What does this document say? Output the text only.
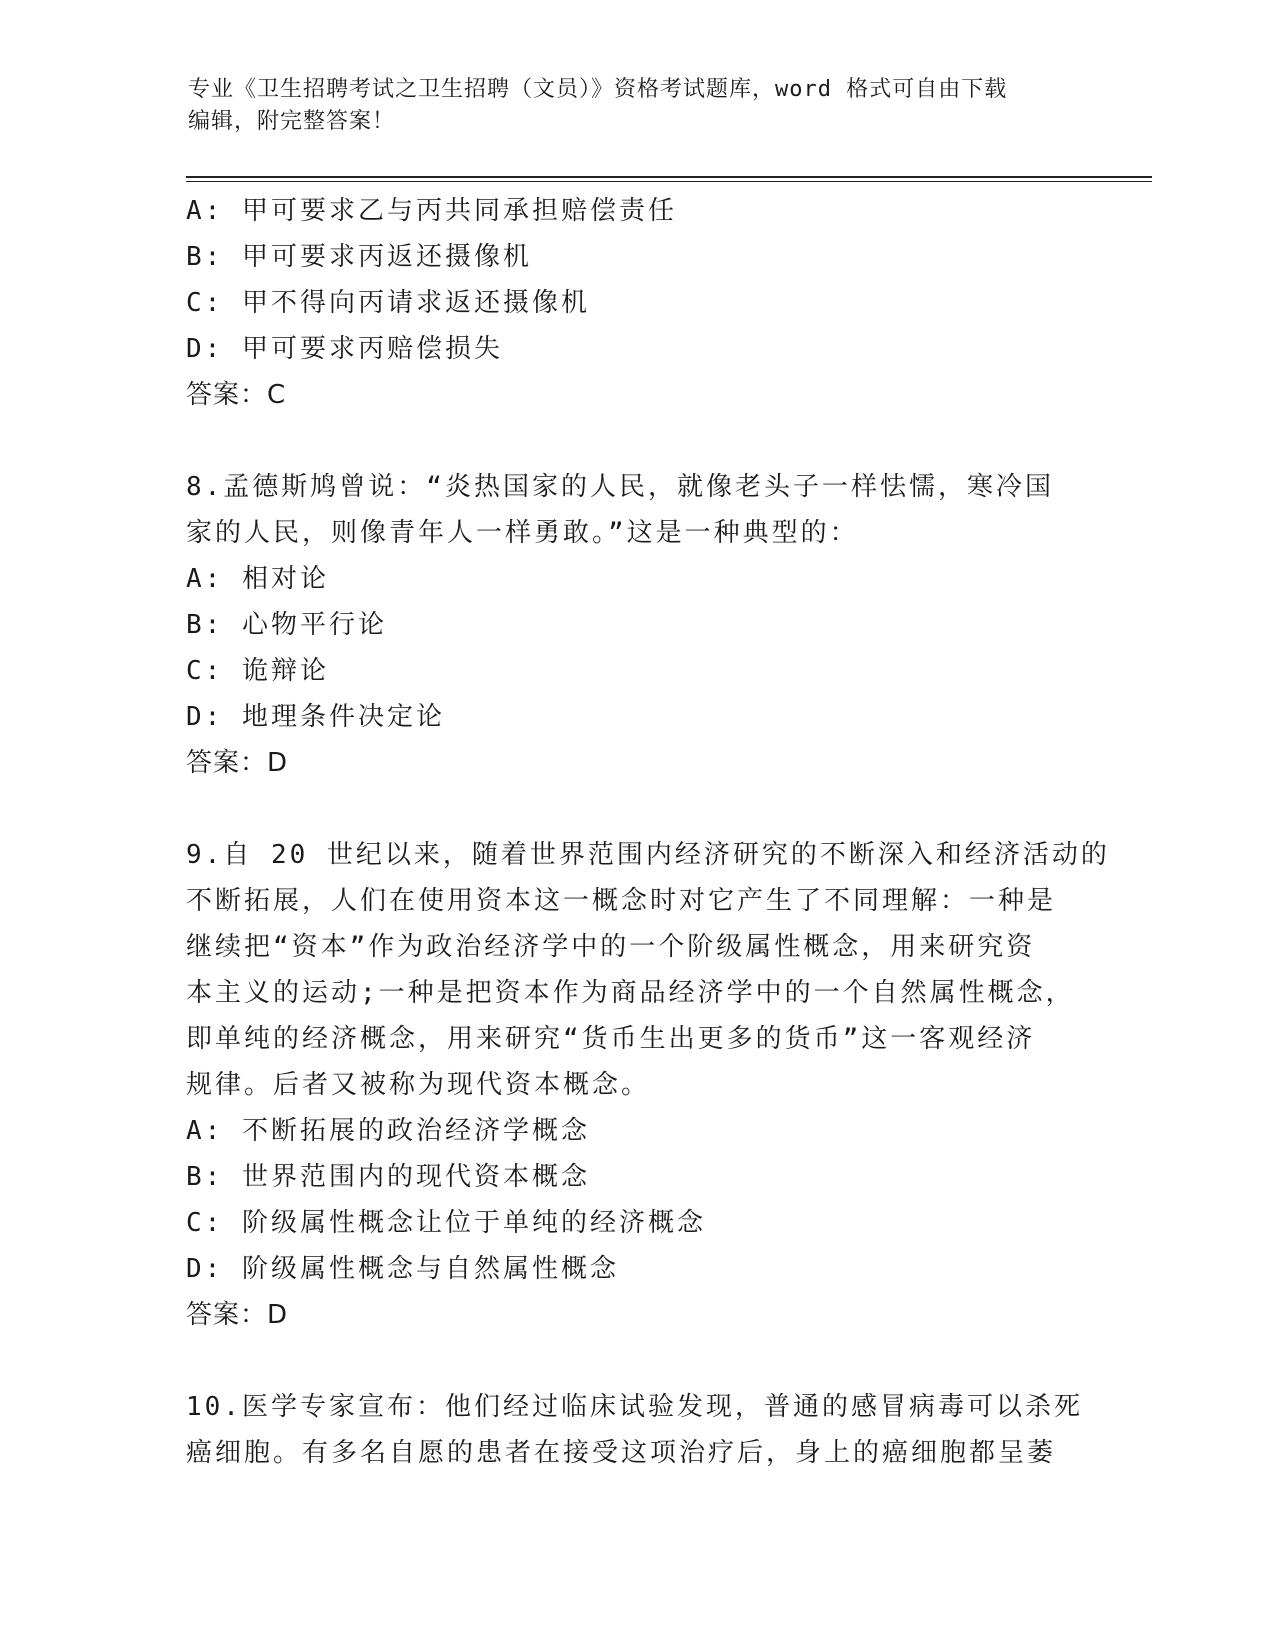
专业《卫生招聘考试之卫生招聘（文员）》资格考试题库，word 格式可自由下载
编辑，附完整答案！
A: 甲可要求乙与丙共同承担赔偿责任
B: 甲可要求丙返还摄像机
C: 甲不得向丙请求返还摄像机
D: 甲可要求丙赔偿损失
答案：C
8.孟德斯鸠曾说：“炎热国家的人民，就像老头子一样怯懦，寒冷国
家的人民，则像青年人一样勇敢。”这是一种典型的：
A: 相对论
B: 心物平行论
C: 诡辩论
D: 地理条件决定论
答案：D
9.自 20 世纪以来，随着世界范围内经济研究的不断深入和经济活动的
不断拓展，人们在使用资本这一概念时对它产生了不同理解：一种是
继续把“资本”作为政治经济学中的一个阶级属性概念，用来研究资
本主义的运动;一种是把资本作为商品经济学中的一个自然属性概念，
即单纯的经济概念，用来研究“货币生出更多的货币”这一客观经济
规律。后者又被称为现代资本概念。
A: 不断拓展的政治经济学概念
B: 世界范围内的现代资本概念
C: 阶级属性概念让位于单纯的经济概念
D: 阶级属性概念与自然属性概念
答案：D
10.医学专家宣布：他们经过临床试验发现，普通的感冒病毒可以杀死
癌细胞。有多名自愿的患者在接受这项治疗后，身上的癌细胞都呈萎
